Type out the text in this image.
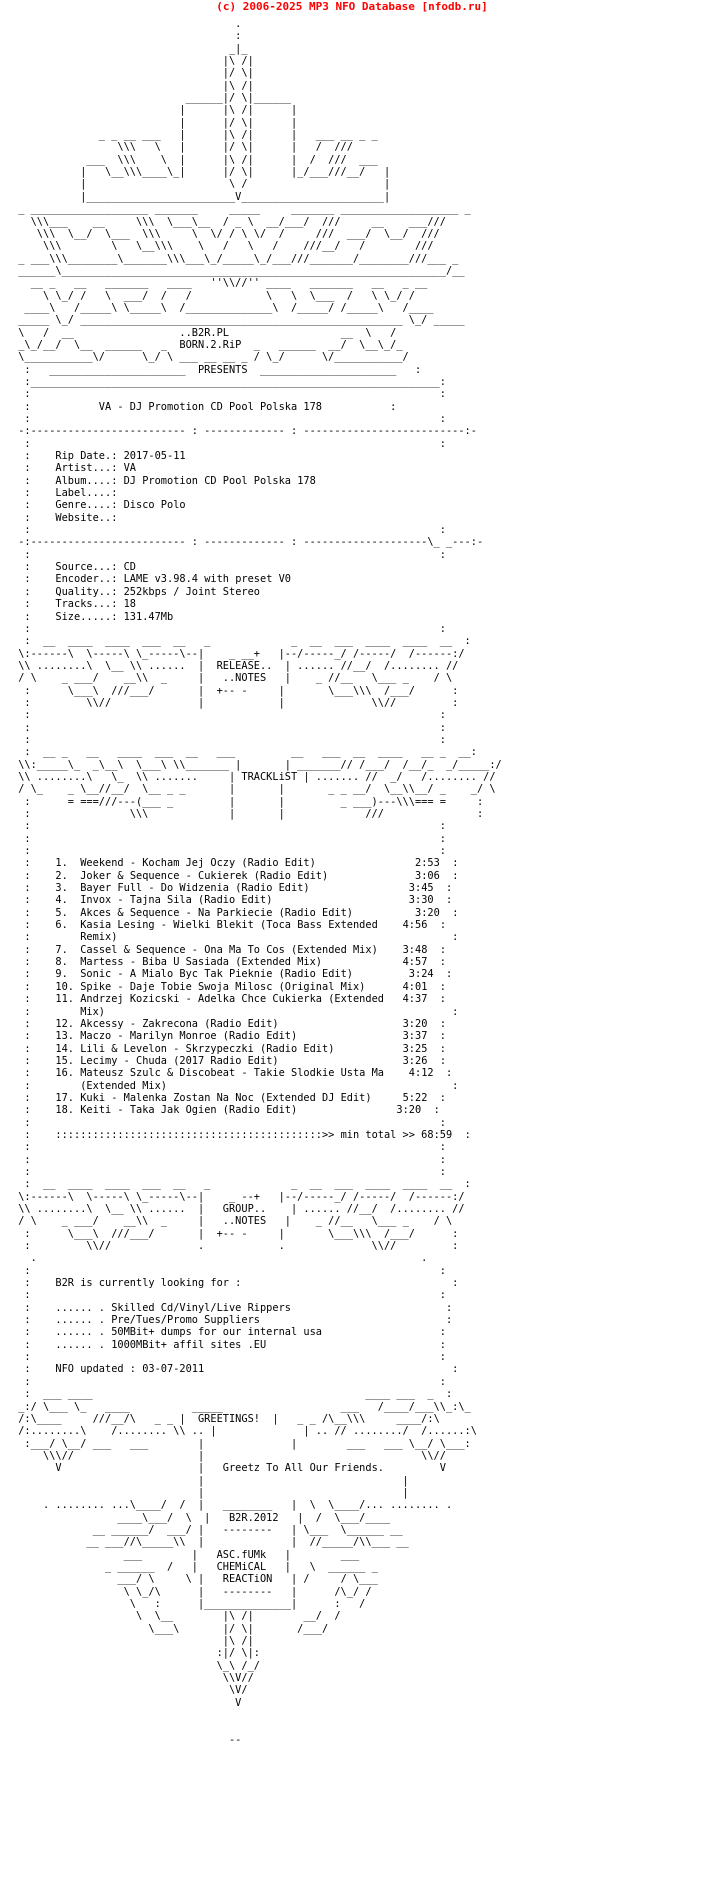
(c) 2006-2025 MP3 NFO Database [nfodb.ru]
.
:
_|_
|\ /|
|/ \|
|\ /|
______|/ \|______
|      |\ /|      |
|      |/ \|      |
_ _ __ ___   |      |\ /|      |   ___ __ _ _
\\\   \   |      |/ \|      |   /  ///
___  \\\    \  |      |\ /|      |  /  ///  ___
|   \__\\\____\_|      |/ \|      |_/___///__/   |
|                       \ /                      |
|________________________V_______________________|
_ ___________________ _______     _____     _______ ___________________ _
\\\___    __     \\\  \___\__  / _ \  __/___/  ///     __    ___///
\\\  \__/  \___  \\\     \  \/ / \ \/  /     ///  ___/  \__/  ///
\\\        \   \__\\\    \   /   \   /    ///__/   /        ///
_ ___\\\________\_______\\\___\_/_____\_/___///_______/________///___ _
______\______________________________________________________________/__
__ _   __   _______   ____   ''\\//'' ____   _______   __   _ __
\ \_/ /   \  ___/  /   /            \   \  \___  /   \ \_/ /
____\   /_____\ \_____\  /______________\  /_____/ /_____\   /____
_____ \_/ ____________________________________________________ \_/ _____
\   /  __	..B2R.PL	__  \   /
_\_/__/  \__  ______   _  BORN.2.RiP  _   ______  __/  \__\_/_
\___________\/      \_/ \ ___ __ __ _ / \_/      \/___________/
:   ______________________  PRESENTS  ______________________   :
:__________________________________________________________________:
:                                                                  :
:	VA - DJ Promotion CD Pool Polska 178	:
:                                                                  :
-:------------------------- : ------------- : --------------------------:-
:                                                                  :
:    Rip Date.: 2017-05-11
:    Artist...: VA
:    Album....: DJ Promotion CD Pool Polska 178
:    Label....:
:    Genre....: Disco Polo
:    Website..:
:                                                                  :
-:------------------------- : ------------- : --------------------\_ _---:-
:                                                                  :
:    Source...: CD
:    Encoder..: LAME v3.98.4 with preset V0
:    Quality..: 252kbps / Joint Stereo
:    Tracks...: 18
:    Size.....: 131.47Mb
:                                                                  :
:  __  ____  ____  ___  __   _             _  __  ___  ____  ____  __  :
\:------\  \-----\ \_-----\--|    _ __+   |--/-----_/ /-----/  /------:/
\\ ........\  \__ \\ ......  |  RELEASE..  | ...... //__/  /........ //
/ \    _ ___/    __\\  _     |   ..NOTES   |    _ //__   \___ _    / \
:      \___\  ///___/       |  +-- -     |       \___\\\  /___/      :
:         \\//              |            |              \\//         :
:                                                                  :
:                                                                  :
:                                                                  :
:  __ _   __   ____  ___  __   ___         __   ___  __  ____   __ _  __:
\\:_____\_  _\__\  \___\ \\_______ |       | _______// /___/  /__/_  _/_____:/
\\ ........\   \_  \\ .......     | TRACKLiST | ....... //  _/   /........ //
/ \_    _ \__//__/  \__ _ _       |       |       _ _ __/  \__\\__/ _    _/ \
:      = ===///---(___ _         |       |         _ ___)---\\\=== =     :
:                \\\             |       |             ///               :
:                                                                  :
:                                                                  :
:                                                                  :
:    1. Weekend - Kocham Jej Oczy (Radio Edit)	2:53  :
:    2. Joker & Sequence - Cukierek (Radio Edit)	3:06  :
:    3. Bayer Full - Do Widzenia (Radio Edit)	3:45  :
:    4. Invox - Tajna Sila (Radio Edit)	3:30  :
:    5. Akces & Sequence - Na Parkiecie (Radio Edit)	3:20  :
:    6. Kasia Lesing - Wielki Blekit (Toca Bass Extended 4:56  :
:	Remix)	:
:    7. Cassel & Sequence - Ona Ma To Cos (Extended Mix) 3:48  :
:    8. Martess - Biba U Sasiada (Extended Mix)	4:57  :
:    9. Sonic - A Mialo Byc Tak Pieknie (Radio Edit)	3:24  :
:    10. Spike - Daje Tobie Swoja Milosc (Original Mix)	4:01  :
:    11. Andrzej Kozicski - Adelka Chce Cukierka (Extended 4:37  :
:	Mix)	:
:    12. Akcessy - Zakrecona (Radio Edit)	3:20  :
:    13. Maczo - Marilyn Monroe (Radio Edit)	3:37  :
:    14. Lili & Levelon - Skrzypeczki (Radio Edit)	3:25  :
:    15. Lecimy - Chuda (2017 Radio Edit)	3:26  :
:    16. Mateusz Szulc & Discobeat - Takie Slodkie Usta Ma 4:12  :
:	(Extended Mix)	:
:    17. Kuki - Malenka Zostan Na Noc (Extended DJ Edit)	5:22  :
:    18. Keiti - Taka Jak Ogien (Radio Edit)	3:20  :
:                                                                  :
:    :::::::::::::::::::::::::::::::::::::::::::>> min total >> 68:59  :
:                                                                  :
:                                                                  :
:                                                                  :
:  __  ____  ____  ___  __   _             _  __  ___  ____  ____  __  :
\:------\  \-----\ \_-----\--|    _ --+   |--/-----_/ /-----/  /------:/
\\ ........\  \__ \\ ......  |   GROUP..    | ...... //__/  /........ //
/ \    _ ___/    __\\  _     |   ..NOTES   |    _ //__   \___ _    / \
:      \___\  ///___/       |  +-- -     |       \___\\\  /___/      :
:         \\//              .            .              \\//         :
.                                                              .
:                                                                  :
:    B2R is currently looking for :	:
:                                                                  :
:    ...... . Skilled Cd/Vinyl/Live Rippers	:
:    ...... . Pre/Tues/Promo Suppliers	:
:    ...... . 50MBit+ dumps for our internal usa	:
:    ...... . 1000MBit+ affil sites .EU	:
:                                                                  :
:    NFO updated : 03-07-2011	:
:                                                                  :
:  ___ ____                                            ____ ___  _  :
_:/ \___ \_   ____          _____                   ___   /____/___\\_:\_
/:\____     ///__/\   _ _ |  GREETINGS!  |   _ _ /\__\\\     ____/:\
/:........\    /........ \\ .. |              | .. // ......../  /......:\
:___/ \__/ ___   ___        |              |        ___   ___ \__/ \___:
\\\//                    |                                   \\//
V                      |   Greetz To All Our Friends.	V
|                                |
|                                |
. ........ ...\____/  /  |   ________   |  \  \____/... ........ .
____\___/  \  |   B2R.2012   |  /  \___/____
__ ______/  ___/ |   --------   | \___  \______ __
__ ___//\_____\\  |              |  //_____/\\___ __
___        |   ASC.fUMk   |        ___
_ ______  /   |   CHEMiCAL   |   \  ______ _
___/ \     \ |   REACTiON   | /     / \___
\ \_/\      |   --------   |      /\_/ /
\   :      |______________|      :   /
\  \__        |\ /|        __/  /
\___\       |/ \|       /___/
|\ /|
:|/ \|:
\_\ /_/
\\V//
\V/
V

--
